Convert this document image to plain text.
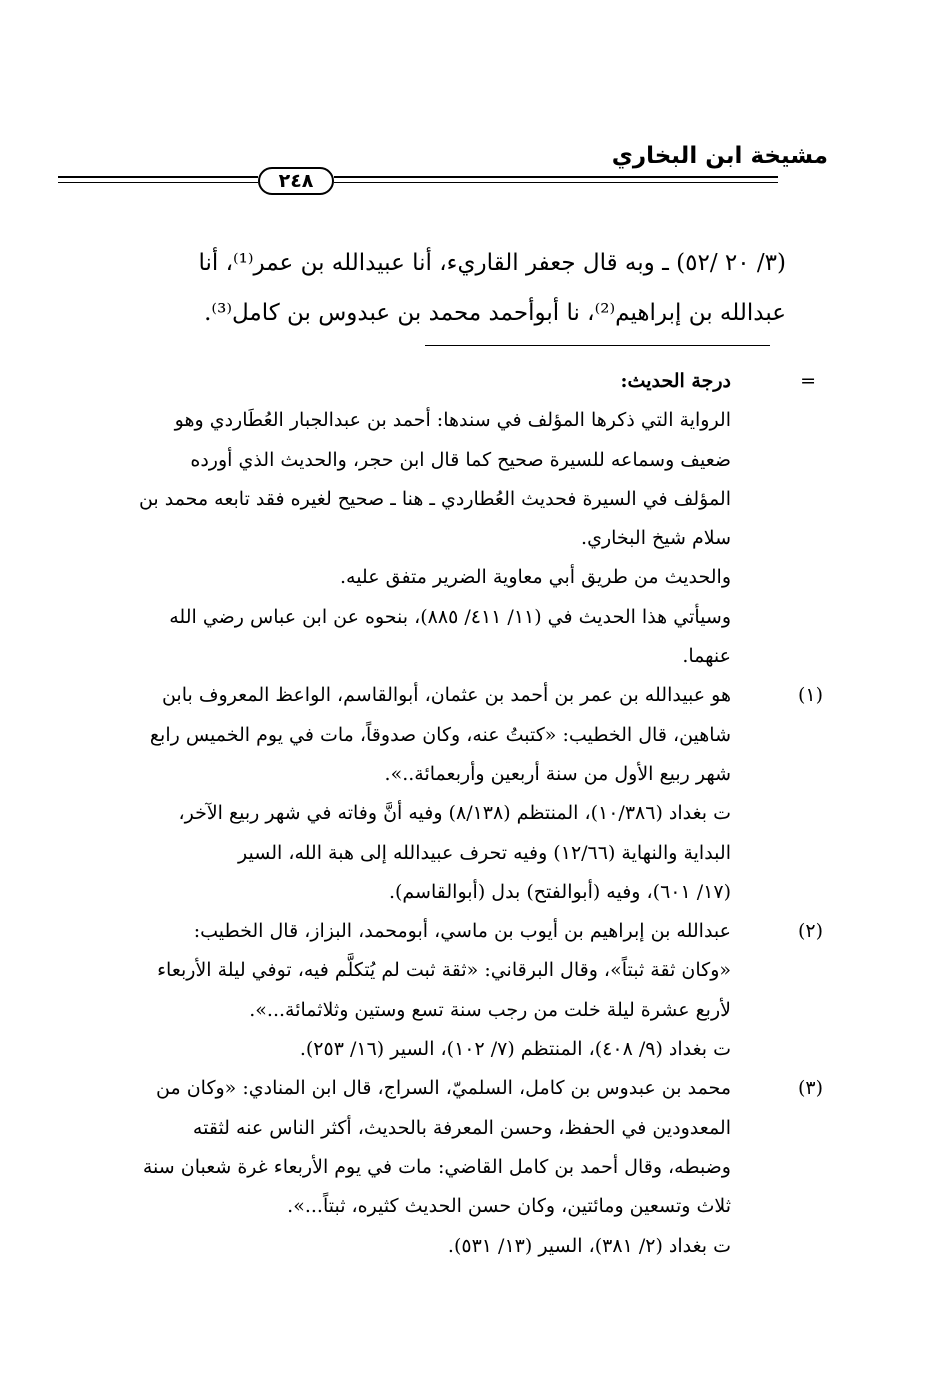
مشيخة ابن البخاري
٢٤٨

(٣/ ٢٠ /٥٢) ـ وبه قال جعفر القاريء، أنا عبيدالله بن عمر⁽¹⁾، أنا

عبدالله بن إبراهيم⁽²⁾، نا أبوأحمد محمد بن عبدوس بن كامل⁽³⁾.

=

درجة الحديث:

الرواية التي ذكرها المؤلف في سندها: أحمد بن عبدالجبار العُطَاردي وهو

ضعيف وسماعه للسيرة صحيح كما قال ابن حجر، والحديث الذي أورده

المؤلف في السيرة فحديث العُطاردي ـ هنا ـ صحيح لغيره فقد تابعه محمد بن

سلام شيخ البخاري.

والحديث من طريق أبي معاوية الضرير متفق عليه.

وسيأتي هذا الحديث في (١١/ ٤١١/ ٨٨٥)، بنحوه عن ابن عباس رضي الله

عنهما.

(١)

هو عبيدالله بن عمر بن أحمد بن عثمان، أبوالقاسم، الواعظ المعروف بابن

شاهين، قال الخطيب: «كتبتُ عنه، وكان صدوقاً، مات في يوم الخميس رابع

شهر ربيع الأول من سنة أربعين وأربعمائة..».

ت بغداد (١٠/٣٨٦)، المنتظم (٨/١٣٨) وفيه أنَّ وفاته في شهر ربيع الآخر،

البداية والنهاية (١٢/٦٦) وفيه تحرف عبيدالله إلى هبة الله، السير

(١٧/ ٦٠١)، وفيه (أبوالفتح) بدل (أبوالقاسم).

(٢)

عبدالله بن إبراهيم بن أيوب بن ماسي، أبومحمد، البزاز، قال الخطيب:

«وكان ثقة ثبتاً»، وقال البرقاني: «ثقة ثبت لم يُتكلَّم فيه، توفي ليلة الأربعاء

لأربع عشرة ليلة خلت من رجب سنة تسع وستين وثلاثمائة...».

ت بغداد (٩/ ٤٠٨)، المنتظم (٧/ ١٠٢)، السير (١٦/ ٢٥٣).

(٣)

محمد بن عبدوس بن كامل، السلميّ، السراج، قال ابن المنادي: «وكان من

المعدودين في الحفظ، وحسن المعرفة بالحديث، أكثر الناس عنه لثقته

وضبطه، وقال أحمد بن كامل القاضي: مات في يوم الأربعاء غرة شعبان سنة

ثلاث وتسعين ومائتين، وكان حسن الحديث كثيره، ثبتاً...».

ت بغداد (٢/ ٣٨١)، السير (١٣/ ٥٣١).
